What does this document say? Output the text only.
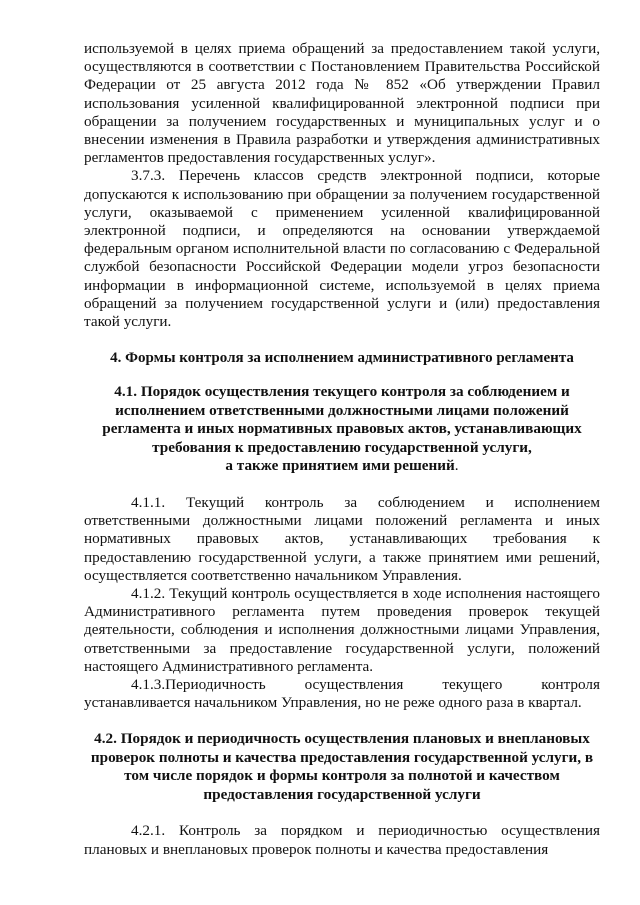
используемой в целях приема обращений за предоставлением такой услуги, осуществляются в соответствии с Постановлением Правительства Российской Федерации от 25 августа 2012 года № 852 «Об утверждении Правил использования усиленной квалифицированной электронной подписи при обращении за получением государственных и муниципальных услуг и о внесении изменения в Правила разработки и утверждения административных регламентов предоставления государственных услуг».

3.7.3. Перечень классов средств электронной подписи, которые допускаются к использованию при обращении за получением государственной услуги, оказываемой с применением усиленной квалифицированной электронной подписи, и определяются на основании утверждаемой федеральным органом исполнительной власти по согласованию с Федеральной службой безопасности Российской Федерации модели угроз безопасности информации в информационной системе, используемой в целях приема обращений за получением государственной услуги и (или) предоставления такой услуги.

4. Формы контроля за исполнением административного регламента

4.1. Порядок осуществления текущего контроля за соблюдением и исполнением ответственными должностными лицами положений регламента и иных нормативных правовых актов, устанавливающих требования к предоставлению государственной услуги,
а также принятием ими решений.

4.1.1. Текущий контроль за соблюдением и исполнением ответственными должностными лицами положений регламента и иных нормативных правовых актов, устанавливающих требования к предоставлению государственной услуги, а также принятием ими решений, осуществляется соответственно начальником Управления.

4.1.2. Текущий контроль осуществляется в ходе исполнения настоящего Административного регламента путем проведения проверок текущей деятельности, соблюдения и исполнения должностными лицами Управления, ответственными за предоставление государственной услуги, положений настоящего Административного регламента.

4.1.3.Периодичность осуществления текущего контроля устанавливается начальником Управления, но не реже одного раза в квартал.

4.2. Порядок и периодичность осуществления плановых и внеплановых проверок полноты и качества предоставления государственной услуги, в том числе порядок и формы контроля за полнотой и качеством предоставления государственной услуги

4.2.1. Контроль за порядком и периодичностью осуществления плановых и внеплановых проверок полноты и качества предоставления
